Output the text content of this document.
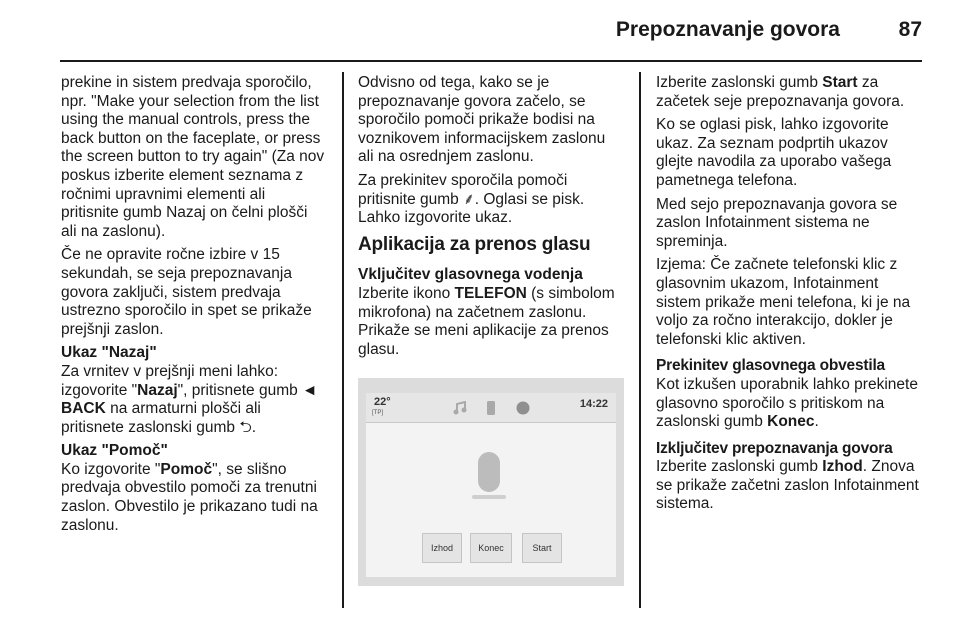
Prepoznavanje govora	87

prekine in sistem predvaja sporočilo, npr. "Make your selection from the list using the manual controls, press the back button on the faceplate, or press the screen button to try again" (Za nov poskus izberite element seznama z ročnimi upravnimi elementi ali pritisnite gumb Nazaj on čelni plošči ali na zaslonu).

Če ne opravite ročne izbire v 15 sekundah, se seja prepoznavanja govora zaključi, sistem predvaja ustrezno sporočilo in spet se prikaže prejšnji zaslon.

Ukaz "Nazaj"

Za vrnitev v prejšnji meni lahko: izgovorite "Nazaj", pritisnete gumb ◄ BACK na armaturni plošči ali pritisnete zaslonski gumb ⮌.

Ukaz "Pomoč"

Ko izgovorite "Pomoč", se slišno predvaja obvestilo pomoči za trenutni zaslon. Obvestilo je prikazano tudi na zaslonu.

Odvisno od tega, kako se je prepoznavanje govora začelo, se sporočilo pomoči prikaže bodisi na voznikovem informacijskem zaslonu ali na osrednjem zaslonu.

Za prekinitev sporočila pomoči pritisnite gumb ⸙. Oglasi se pisk. Lahko izgovorite ukaz.

Aplikacija za prenos glasu

Vključitev glasovnega vodenja

Izberite ikono TELEFON (s simbolom mikrofona) na začetnem zaslonu. Prikaže se meni aplikacije za prenos glasu.

22°
[TP]
14:22
Izhod	Konec	Start

Izberite zaslonski gumb Start za začetek seje prepoznavanja govora.

Ko se oglasi pisk, lahko izgovorite ukaz. Za seznam podprtih ukazov glejte navodila za uporabo vašega pametnega telefona.

Med sejo prepoznavanja govora se zaslon Infotainment sistema ne spreminja.

Izjema: Če začnete telefonski klic z glasovnim ukazom, Infotainment sistem prikaže meni telefona, ki je na voljo za ročno interakcijo, dokler je telefonski klic aktiven.

Prekinitev glasovnega obvestila

Kot izkušen uporabnik lahko prekinete glasovno sporočilo s pritiskom na zaslonski gumb Konec.

Izključitev prepoznavanja govora

Izberite zaslonski gumb Izhod. Znova se prikaže začetni zaslon Infotainment sistema.
